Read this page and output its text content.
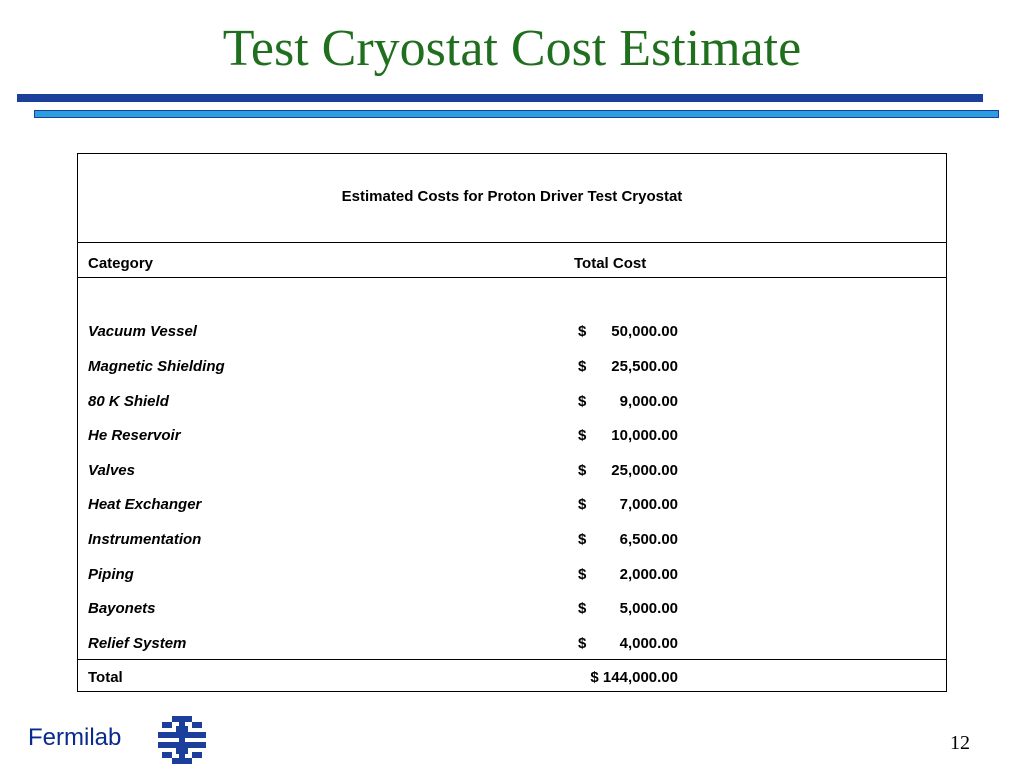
Test Cryostat Cost Estimate
Estimated Costs for Proton Driver Test Cryostat
Category	Total Cost
Vacuum Vessel	$ 50,000.00
Magnetic Shielding	$ 25,500.00
80 K Shield	$ 9,000.00
He Reservoir	$ 10,000.00
Valves	$ 25,000.00
Heat Exchanger	$ 7,000.00
Instrumentation	$ 6,500.00
Piping	$ 2,000.00
Bayonets	$ 5,000.00
Relief System	$ 4,000.00
Total	$ 144,000.00
Fermilab	12
